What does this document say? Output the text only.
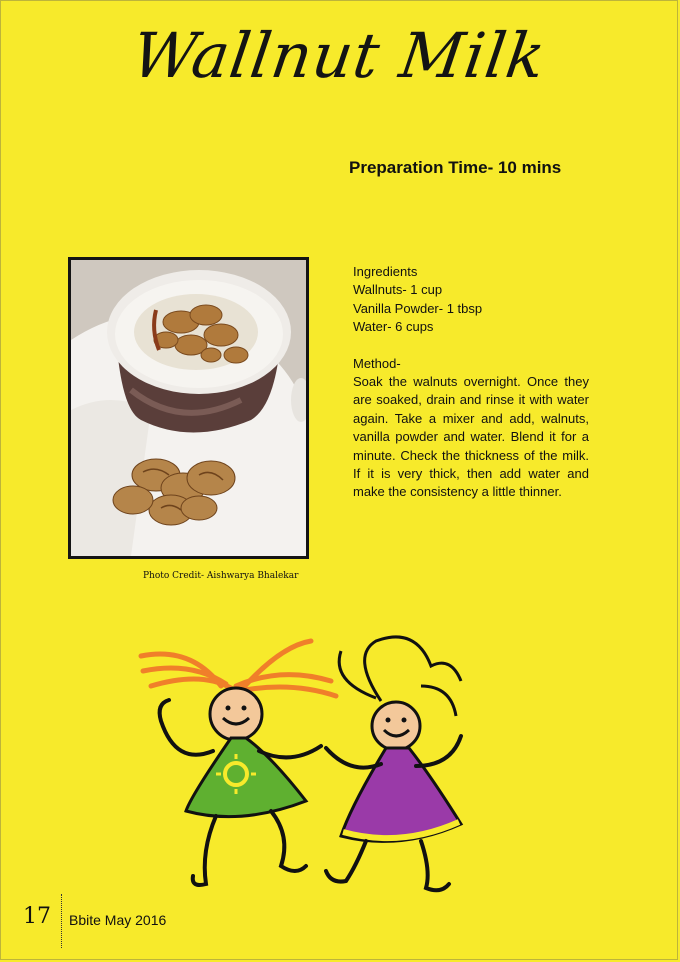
Wallnut Milk
Preparation Time- 10 mins
Photo Credit- Aishwarya Bhalekar
Ingredients
Wallnuts- 1 cup
Vanilla Powder- 1 tbsp
Water- 6 cups
Method-
Soak the walnuts overnight. Once they are soaked, drain and rinse it with water again. Take a mixer and add, walnuts, vanilla powder and water. Blend it for a minute. Check the thickness of the milk. If it is very thick, then add water and make the consistency a little thinner.
17 Bbite May 2016
